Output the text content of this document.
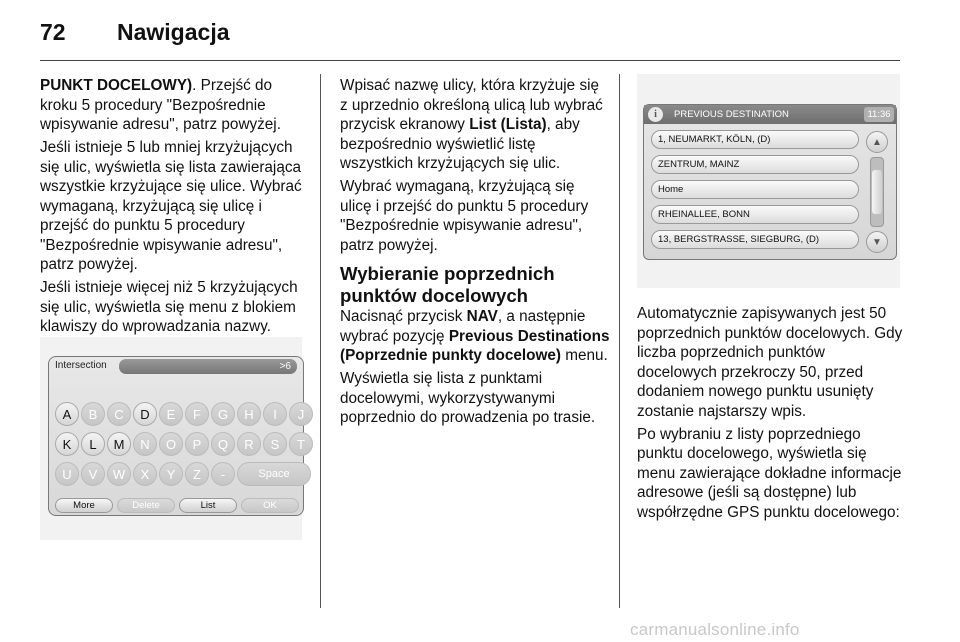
72 Nawigacja

PUNKT DOCELOWY). Przejść do kroku 5 procedury "Bezpośrednie wpisywanie adresu", patrz powyżej.

Jeśli istnieje 5 lub mniej krzyżujących się ulic, wyświetla się lista zawierająca wszystkie krzyżujące się ulice. Wybrać wymaganą, krzyżującą się ulicę i przejść do punktu 5 procedury "Bezpośrednie wpisywanie adresu", patrz powyżej.

Jeśli istnieje więcej niż 5 krzyżujących się ulic, wyświetla się menu z blokiem klawiszy do wprowadzania nazwy.

Intersection	>6
A	B	C	D	E	F	G	H	I	J
K	L	M	N	O	P	Q	R	S	T
U	V	W	X	Y	Z	-	Space
More	Delete	List	OK

Wpisać nazwę ulicy, która krzyżuje się z uprzednio określoną ulicą lub wybrać przycisk ekranowy List (Lista), aby bezpośrednio wyświetlić listę wszystkich krzyżujących się ulic.

Wybrać wymaganą, krzyżującą się ulicę i przejść do punktu 5 procedury "Bezpośrednie wpisywanie adresu", patrz powyżej.

Wybieranie poprzednich punktów docelowych

Nacisnąć przycisk NAV, a następnie wybrać pozycję Previous Destinations (Poprzednie punkty docelowe) menu.

Wyświetla się lista z punktami docelowymi, wykorzystywanymi poprzednio do prowadzenia po trasie.

i	PREVIOUS DESTINATION	11:36
1, NEUMARKT, KÖLN, (D)
ZENTRUM, MAINZ
Home
RHEINALLEE, BONN
13, BERGSTRASSE, SIEGBURG, (D)
▲
▼

Automatycznie zapisywanych jest 50 poprzednich punktów docelowych. Gdy liczba poprzednich punktów docelowych przekroczy 50, przed dodaniem nowego punktu usunięty zostanie najstarszy wpis.

Po wybraniu z listy poprzedniego punktu docelowego, wyświetla się menu zawierające dokładne informacje adresowe (jeśli są dostępne) lub współrzędne GPS punktu docelowego:

carmanualsonline.info
